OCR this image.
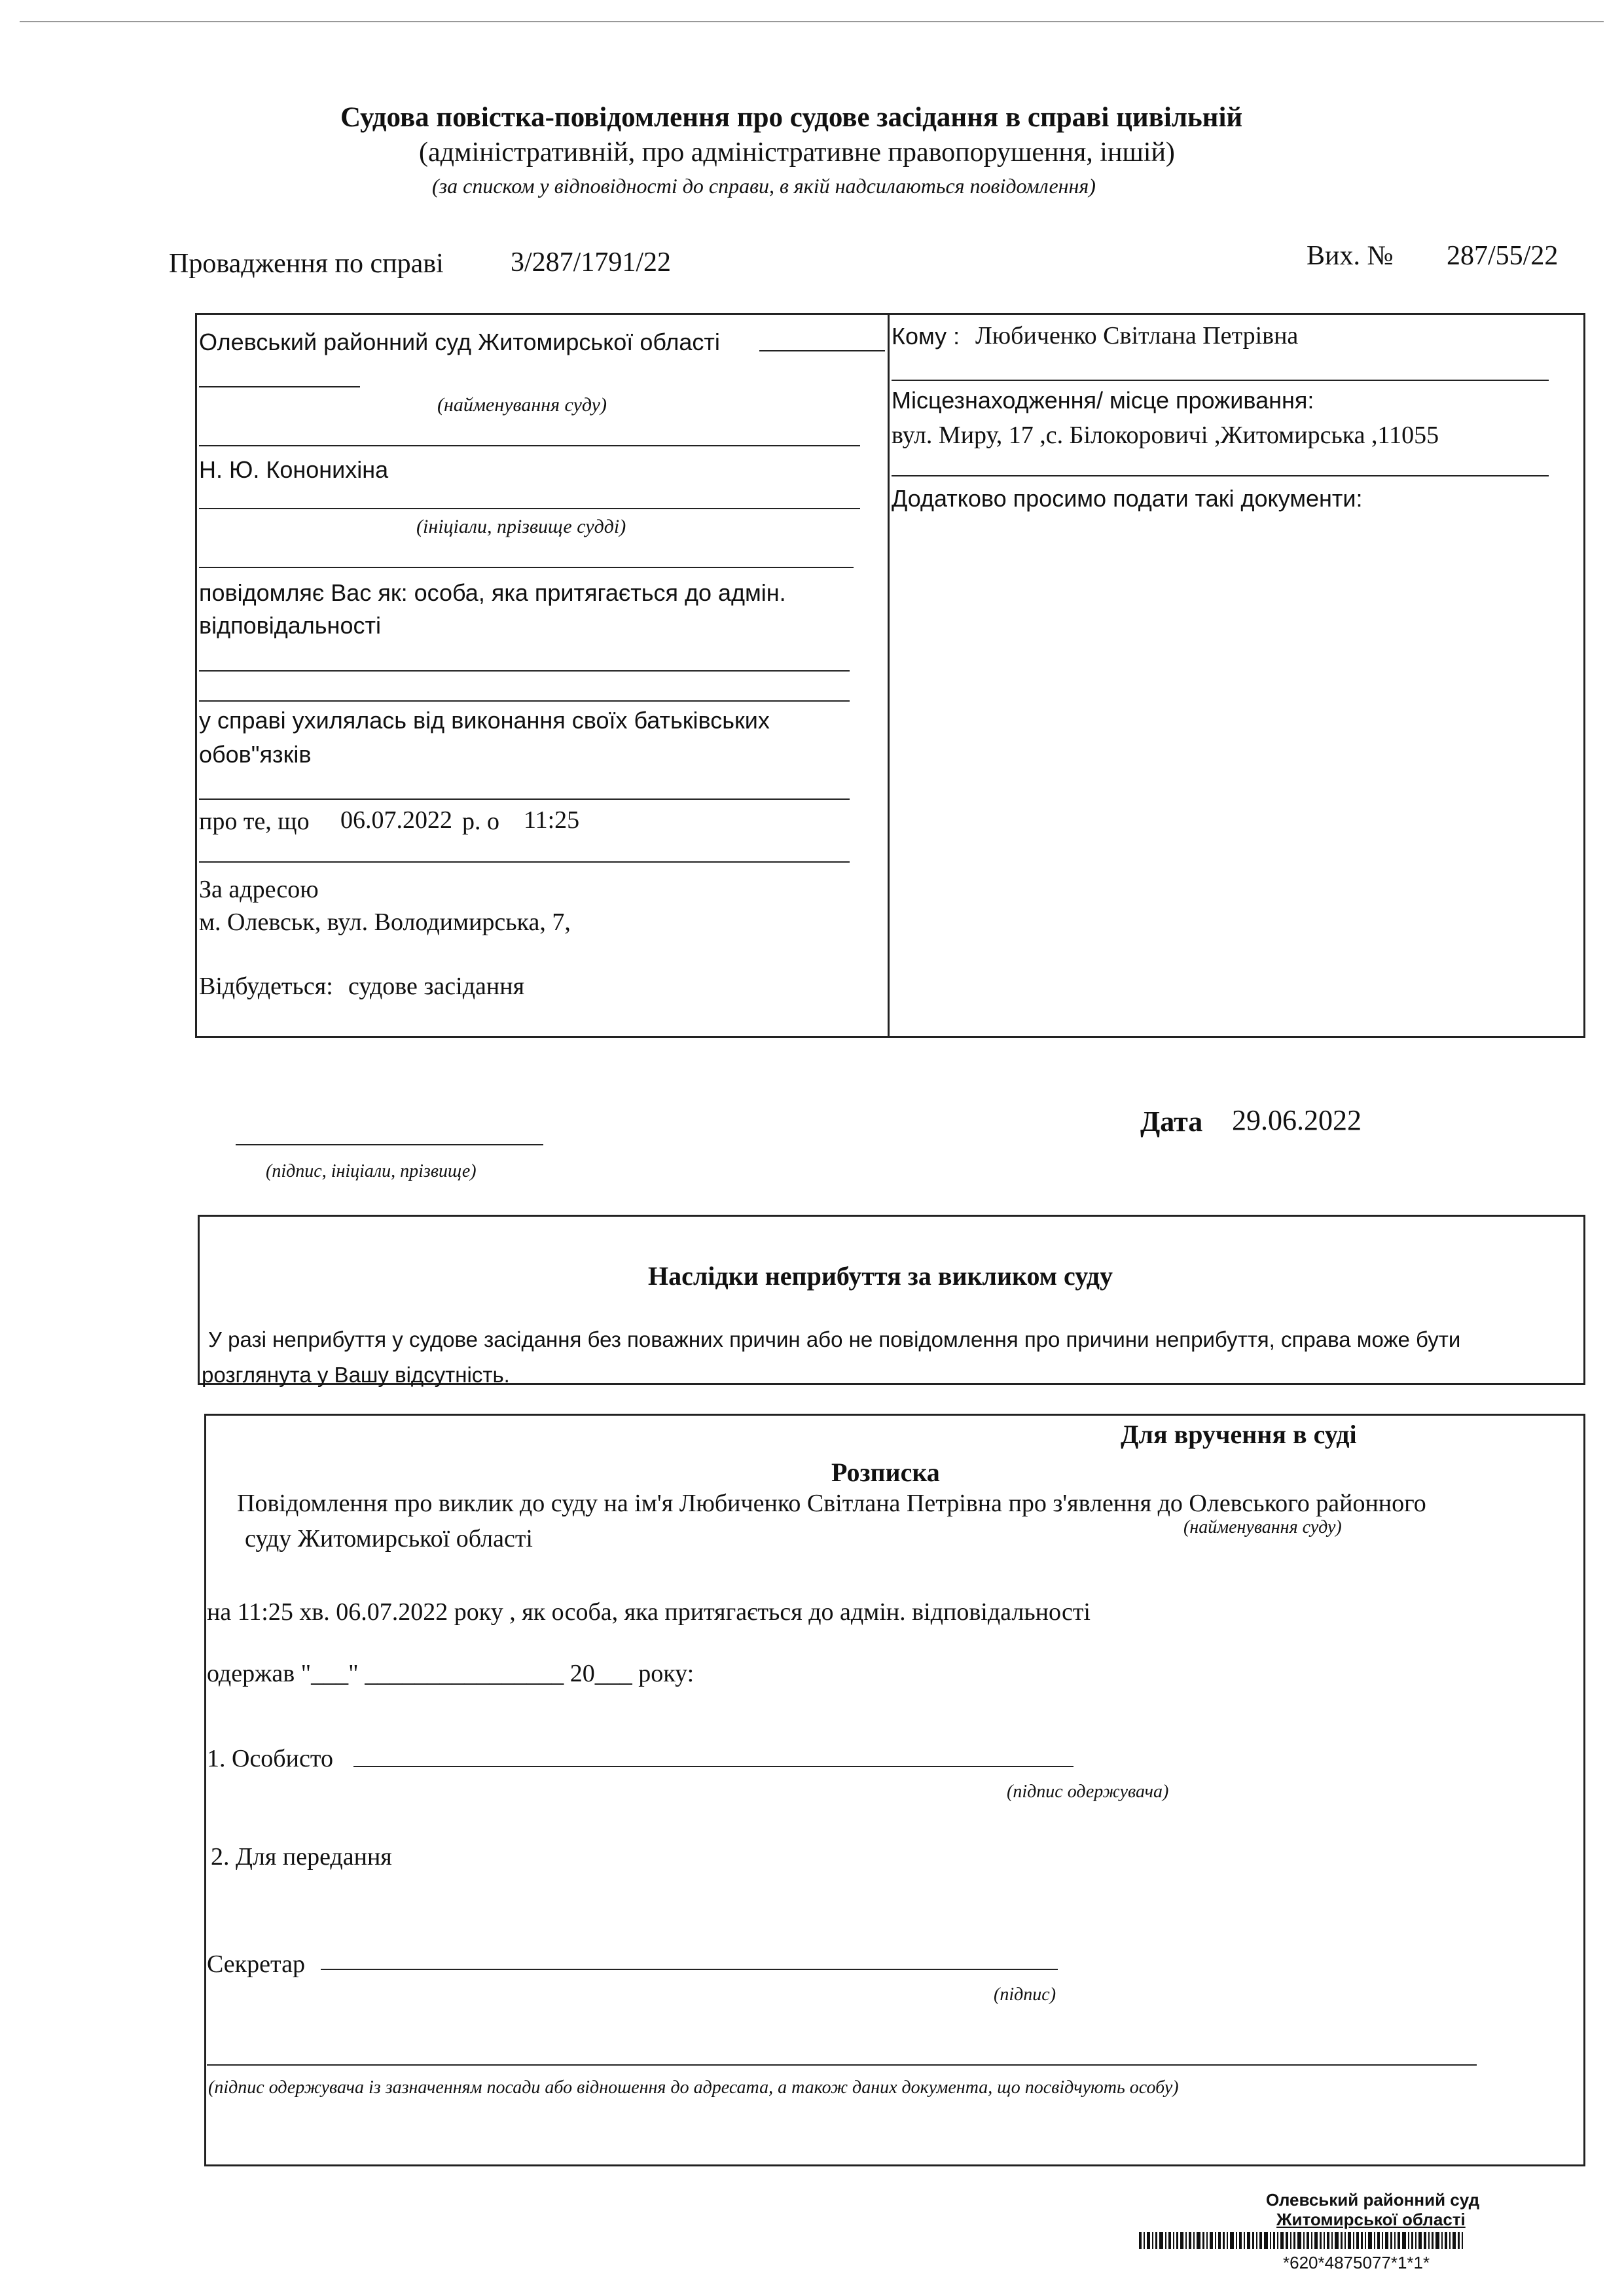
Судова повістка-повідомлення про судове засідання в справі цивільній
(адміністративній, про адміністративне правопорушення, іншій)
(за списком у відповідності до справи, в якій надсилаються повідомлення)
Провадження по справі 3/287/1791/22	Вих. № 287/55/22
Олевський районний суд Житомирської області
(найменування суду)
Н. Ю. Кононихіна
(ініціали, прізвище судді)
повідомляє Вас як: особа, яка притягається до адмін.
відповідальності
у справі ухилялась від виконання своїх батьківських
обов"язків
про те, що 06.07.2022 р. о 11:25
За адресою
м. Олевськ, вул. Володимирська, 7,
Відбудеться: судове засідання
Кому : Любиченко Світлана Петрівна
Місцезнаходження/ місце проживання:
вул. Миру, 17 ,с. Білокоровичі ,Житомирська ,11055
Додатково просимо подати такі документи:
(підпис, ініціали, прізвище)
Дата 29.06.2022
Наслідки неприбуття за викликом суду
У разі неприбуття у судове засідання без поважних причин або не повідомлення про причини неприбуття, справа може бути
розглянута у Вашу відсутність.
Для вручення в суді
Розписка
Повідомлення про виклик до суду на ім'я Любиченко Світлана Петрівна про з'явлення до Олевського районного
суду Житомирської області	(найменування суду)
на 11:25 хв. 06.07.2022 року , як особа, яка притягається до адмін. відповідальності
одержав "___" ________________ 20___ року:
1. Особисто
(підпис одержувача)
2. Для передання
Секретар
(підпис)
(підпис одержувача із зазначенням посади або відношення до адресата, а також даних документа, що посвідчують особу)
Олевський районний суд
Житомирської області
*620*4875077*1*1*
